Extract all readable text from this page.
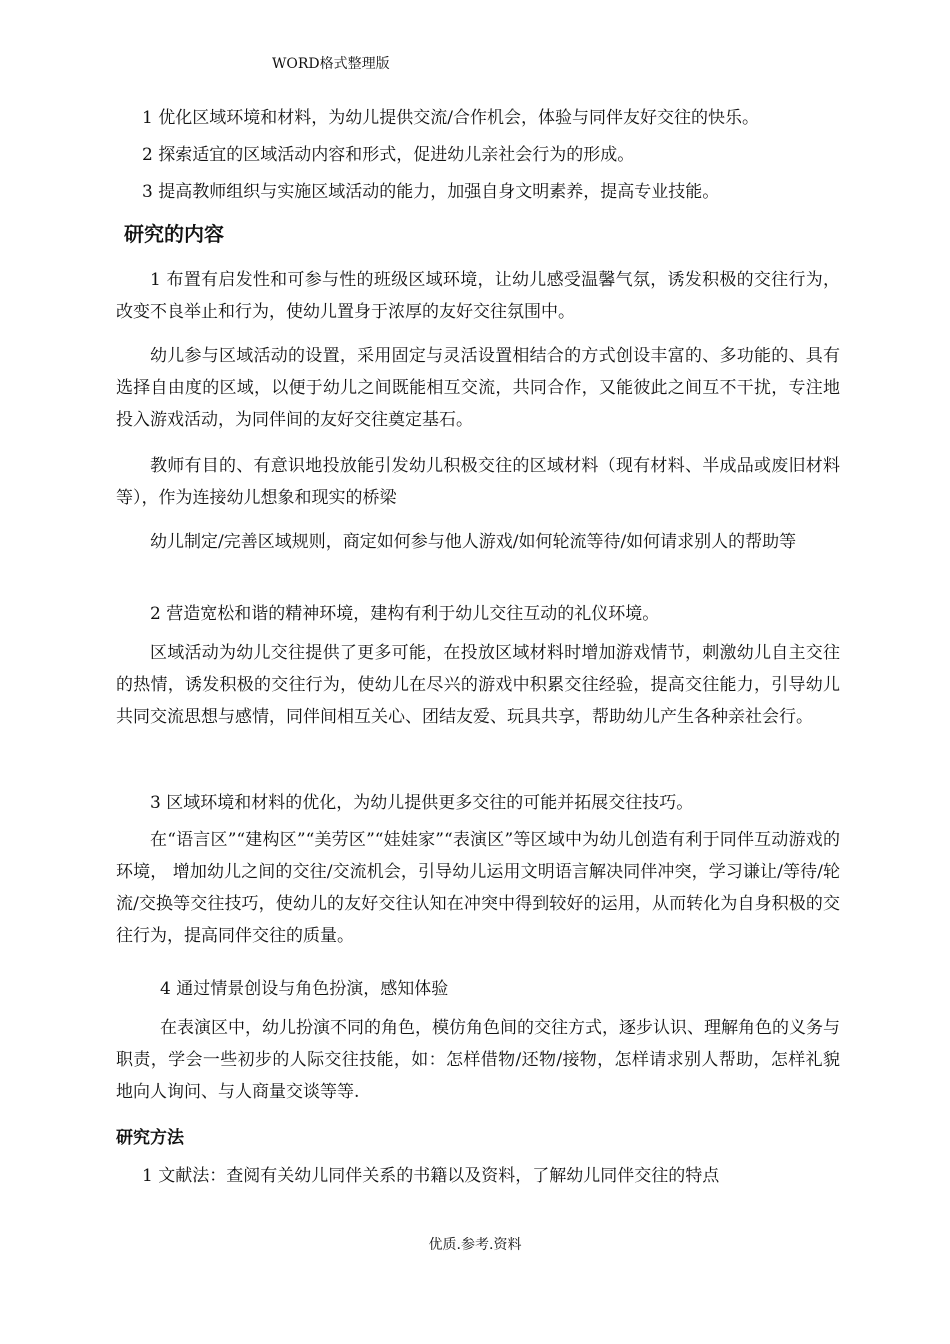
WORD格式整理版

1 优化区域环境和材料，为幼儿提供交流/合作机会，体验与同伴友好交往的快乐。

2 探索适宜的区域活动内容和形式，促进幼儿亲社会行为的形成。

3 提高教师组织与实施区域活动的能力，加强自身文明素养，提高专业技能。

研究的内容

1 布置有启发性和可参与性的班级区域环境，让幼儿感受温馨气氛，诱发积极的交往行为，改变不良举止和行为，使幼儿置身于浓厚的友好交往氛围中。

幼儿参与区域活动的设置，采用固定与灵活设置相结合的方式创设丰富的、多功能的、具有选择自由度的区域，以便于幼儿之间既能相互交流，共同合作，又能彼此之间互不干扰，专注地投入游戏活动，为同伴间的友好交往奠定基石。

教师有目的、有意识地投放能引发幼儿积极交往的区域材料（现有材料、半成品或废旧材料等），作为连接幼儿想象和现实的桥梁

幼儿制定/完善区域规则，商定如何参与他人游戏/如何轮流等待/如何请求别人的帮助等

2 营造宽松和谐的精神环境，建构有利于幼儿交往互动的礼仪环境。

区域活动为幼儿交往提供了更多可能，在投放区域材料时增加游戏情节，刺激幼儿自主交往的热情，诱发积极的交往行为，使幼儿在尽兴的游戏中积累交往经验，提高交往能力，引导幼儿共同交流思想与感情，同伴间相互关心、团结友爱、玩具共享，帮助幼儿产生各种亲社会行。

3 区域环境和材料的优化，为幼儿提供更多交往的可能并拓展交往技巧。

在“语言区”“建构区”“美劳区”“娃娃家”“表演区”等区域中为幼儿创造有利于同伴互动游戏的环境， 增加幼儿之间的交往/交流机会，引导幼儿运用文明语言解决同伴冲突，学习谦让/等待/轮流/交换等交往技巧，使幼儿的友好交往认知在冲突中得到较好的运用，从而转化为自身积极的交往行为，提高同伴交往的质量。

4 通过情景创设与角色扮演，感知体验

在表演区中，幼儿扮演不同的角色，模仿角色间的交往方式，逐步认识、理解角色的义务与职责，学会一些初步的人际交往技能，如：怎样借物/还物/接物，怎样请求别人帮助，怎样礼貌地向人询问、与人商量交谈等等.

研究方法

1 文献法：查阅有关幼儿同伴关系的书籍以及资料，了解幼儿同伴交往的特点

优质.参考.资料
